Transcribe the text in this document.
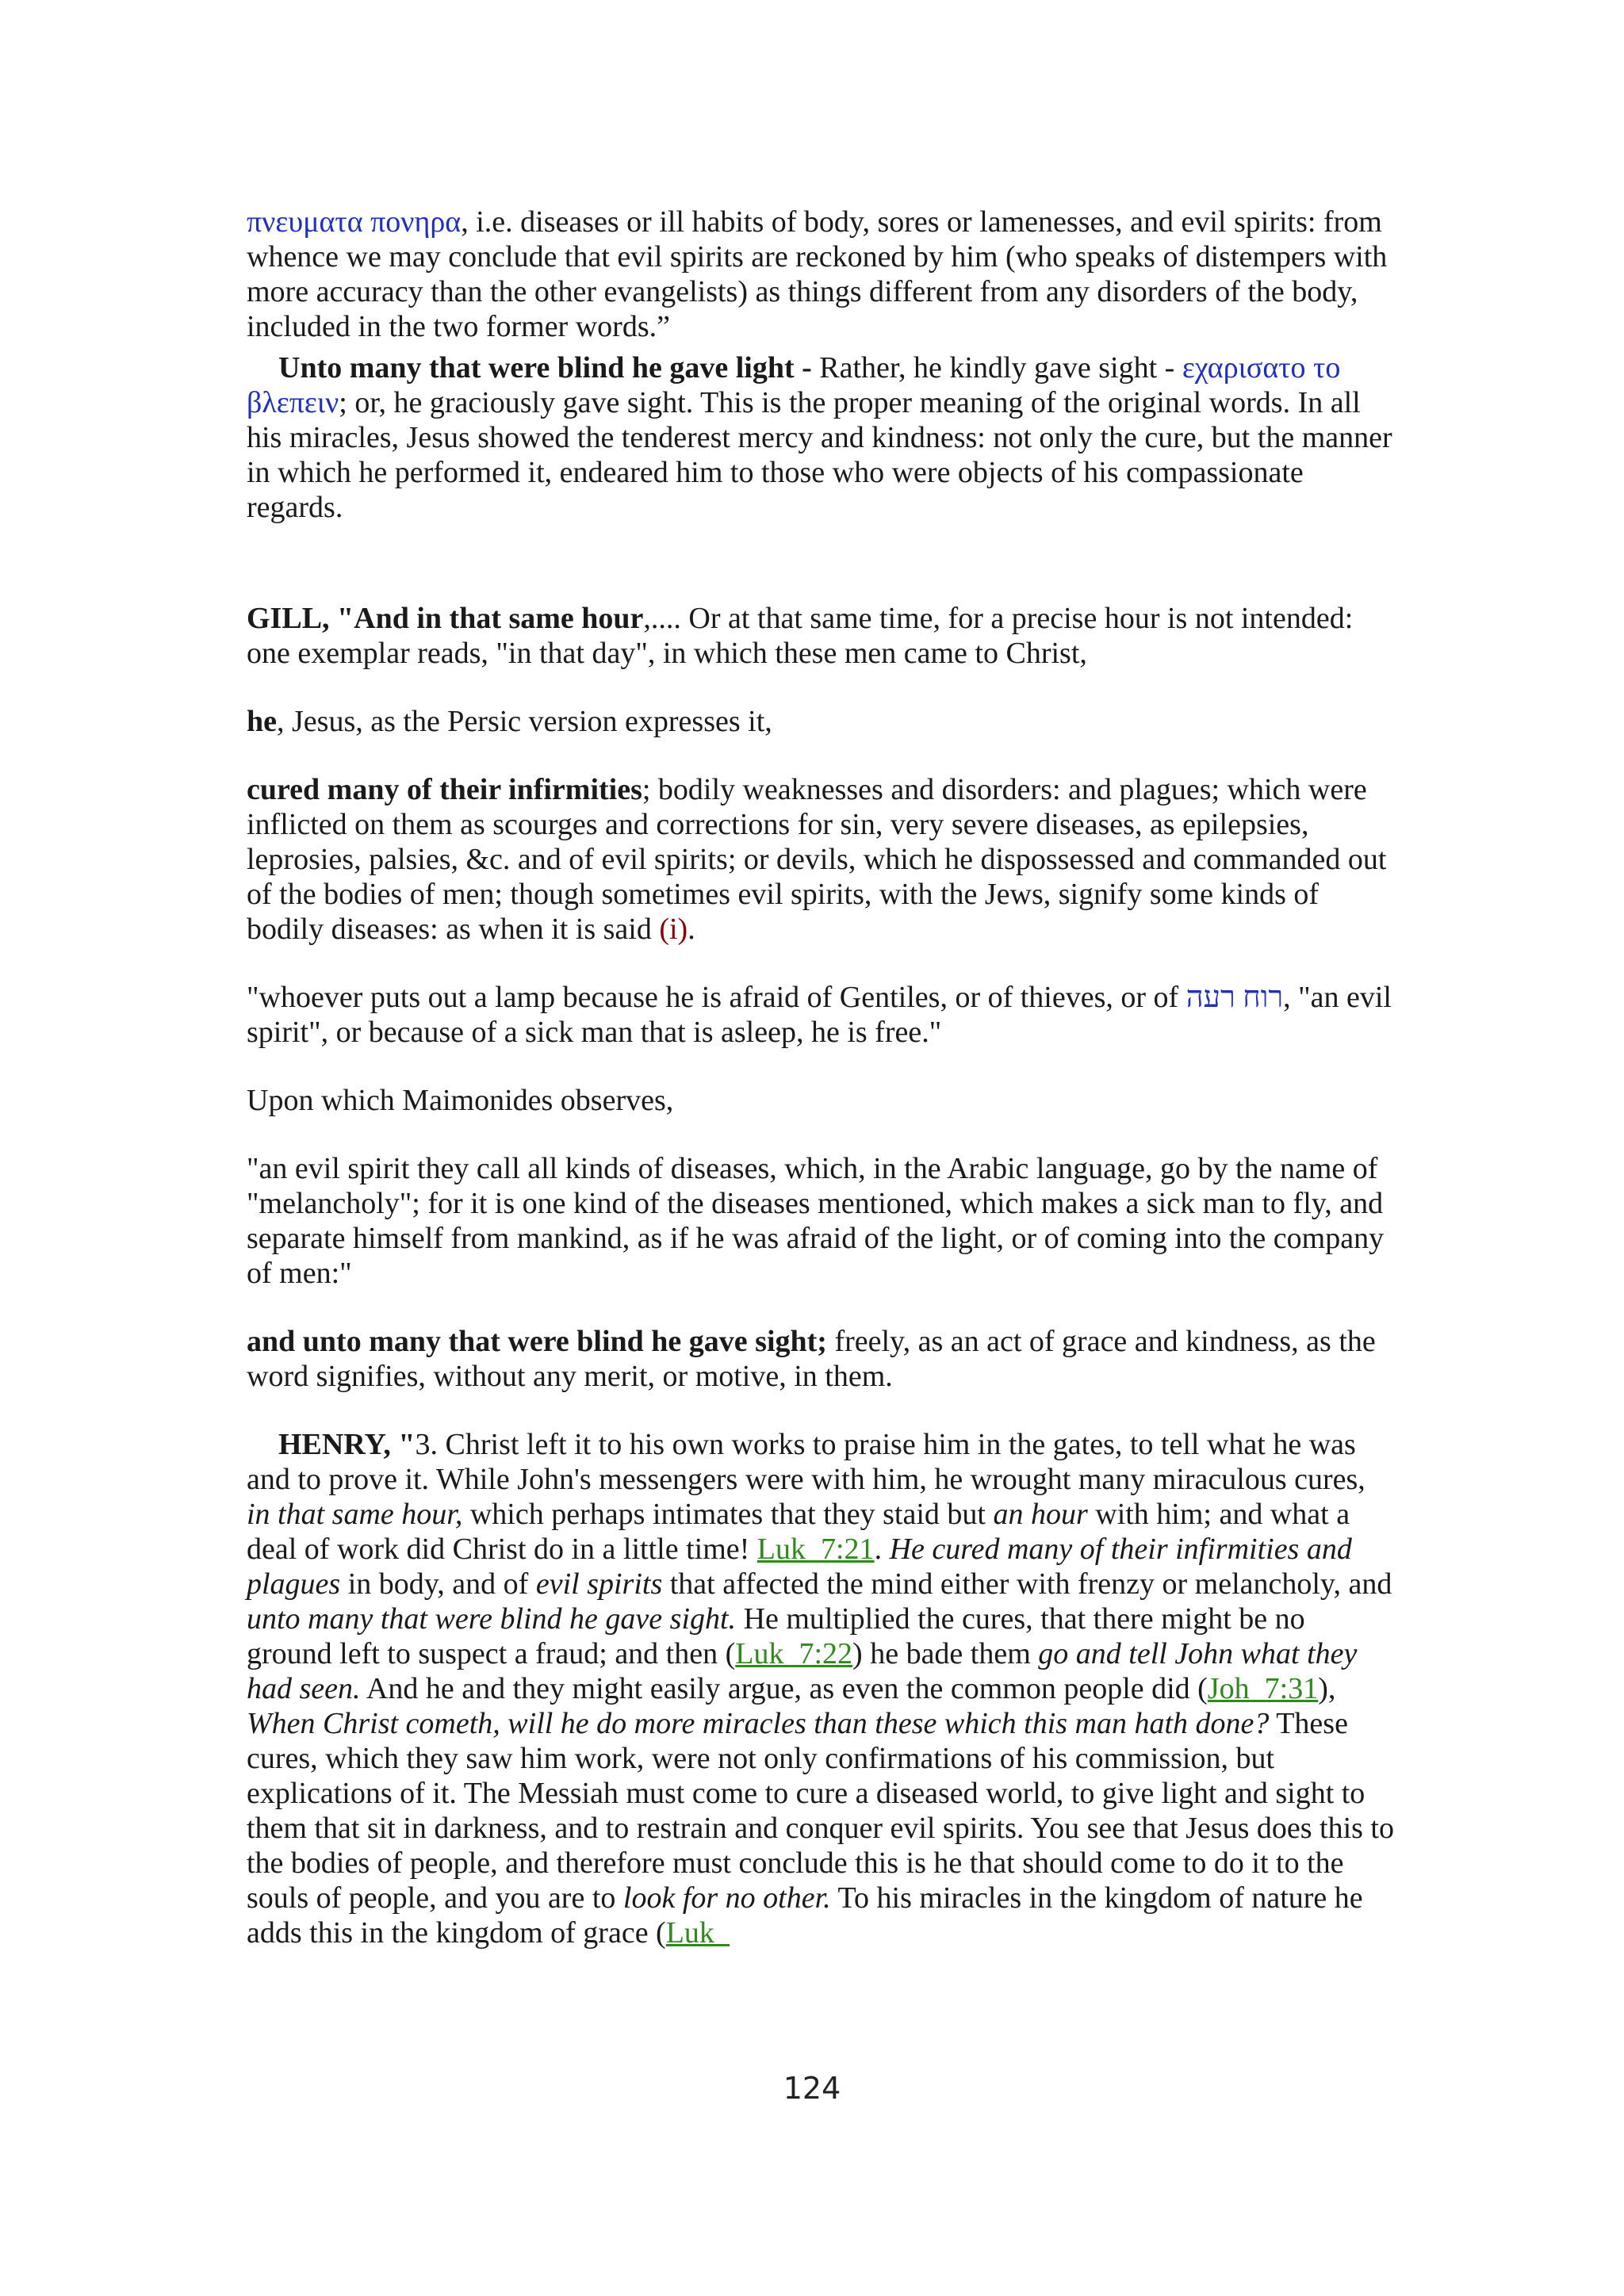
πνευματα πονηρα, i.e. diseases or ill habits of body, sores or lamenesses, and evil spirits: from whence we may conclude that evil spirits are reckoned by him (who speaks of distempers with more accuracy than the other evangelists) as things different from any disorders of the body, included in the two former words.”

Unto many that were blind he gave light - Rather, he kindly gave sight - εχαρισατο το βλεπειν; or, he graciously gave sight. This is the proper meaning of the original words. In all his miracles, Jesus showed the tenderest mercy and kindness: not only the cure, but the manner in which he performed it, endeared him to those who were objects of his compassionate regards.

GILL, "And in that same hour,.... Or at that same time, for a precise hour is not intended: one exemplar reads, "in that day", in which these men came to Christ,

he, Jesus, as the Persic version expresses it,

cured many of their infirmities; bodily weaknesses and disorders: and plagues; which were inflicted on them as scourges and corrections for sin, very severe diseases, as epilepsies, leprosies, palsies, &c. and of evil spirits; or devils, which he dispossessed and commanded out of the bodies of men; though sometimes evil spirits, with the Jews, signify some kinds of bodily diseases: as when it is said (i).

"whoever puts out a lamp because he is afraid of Gentiles, or of thieves, or of רוח רעה, "an evil spirit", or because of a sick man that is asleep, he is free."

Upon which Maimonides observes,

"an evil spirit they call all kinds of diseases, which, in the Arabic language, go by the name of "melancholy"; for it is one kind of the diseases mentioned, which makes a sick man to fly, and separate himself from mankind, as if he was afraid of the light, or of coming into the company of men:"

and unto many that were blind he gave sight; freely, as an act of grace and kindness, as the word signifies, without any merit, or motive, in them.

HENRY, "3. Christ left it to his own works to praise him in the gates, to tell what he was and to prove it. While John's messengers were with him, he wrought many miraculous cures, in that same hour, which perhaps intimates that they staid but an hour with him; and what a deal of work did Christ do in a little time! Luk_7:21. He cured many of their infirmities and plagues in body, and of evil spirits that affected the mind either with frenzy or melancholy, and unto many that were blind he gave sight. He multiplied the cures, that there might be no ground left to suspect a fraud; and then (Luk_7:22) he bade them go and tell John what they had seen. And he and they might easily argue, as even the common people did (Joh_7:31), When Christ cometh, will he do more miracles than these which this man hath done? These cures, which they saw him work, were not only confirmations of his commission, but explications of it. The Messiah must come to cure a diseased world, to give light and sight to them that sit in darkness, and to restrain and conquer evil spirits. You see that Jesus does this to the bodies of people, and therefore must conclude this is he that should come to do it to the souls of people, and you are to look for no other. To his miracles in the kingdom of nature he adds this in the kingdom of grace (Luk_

124
